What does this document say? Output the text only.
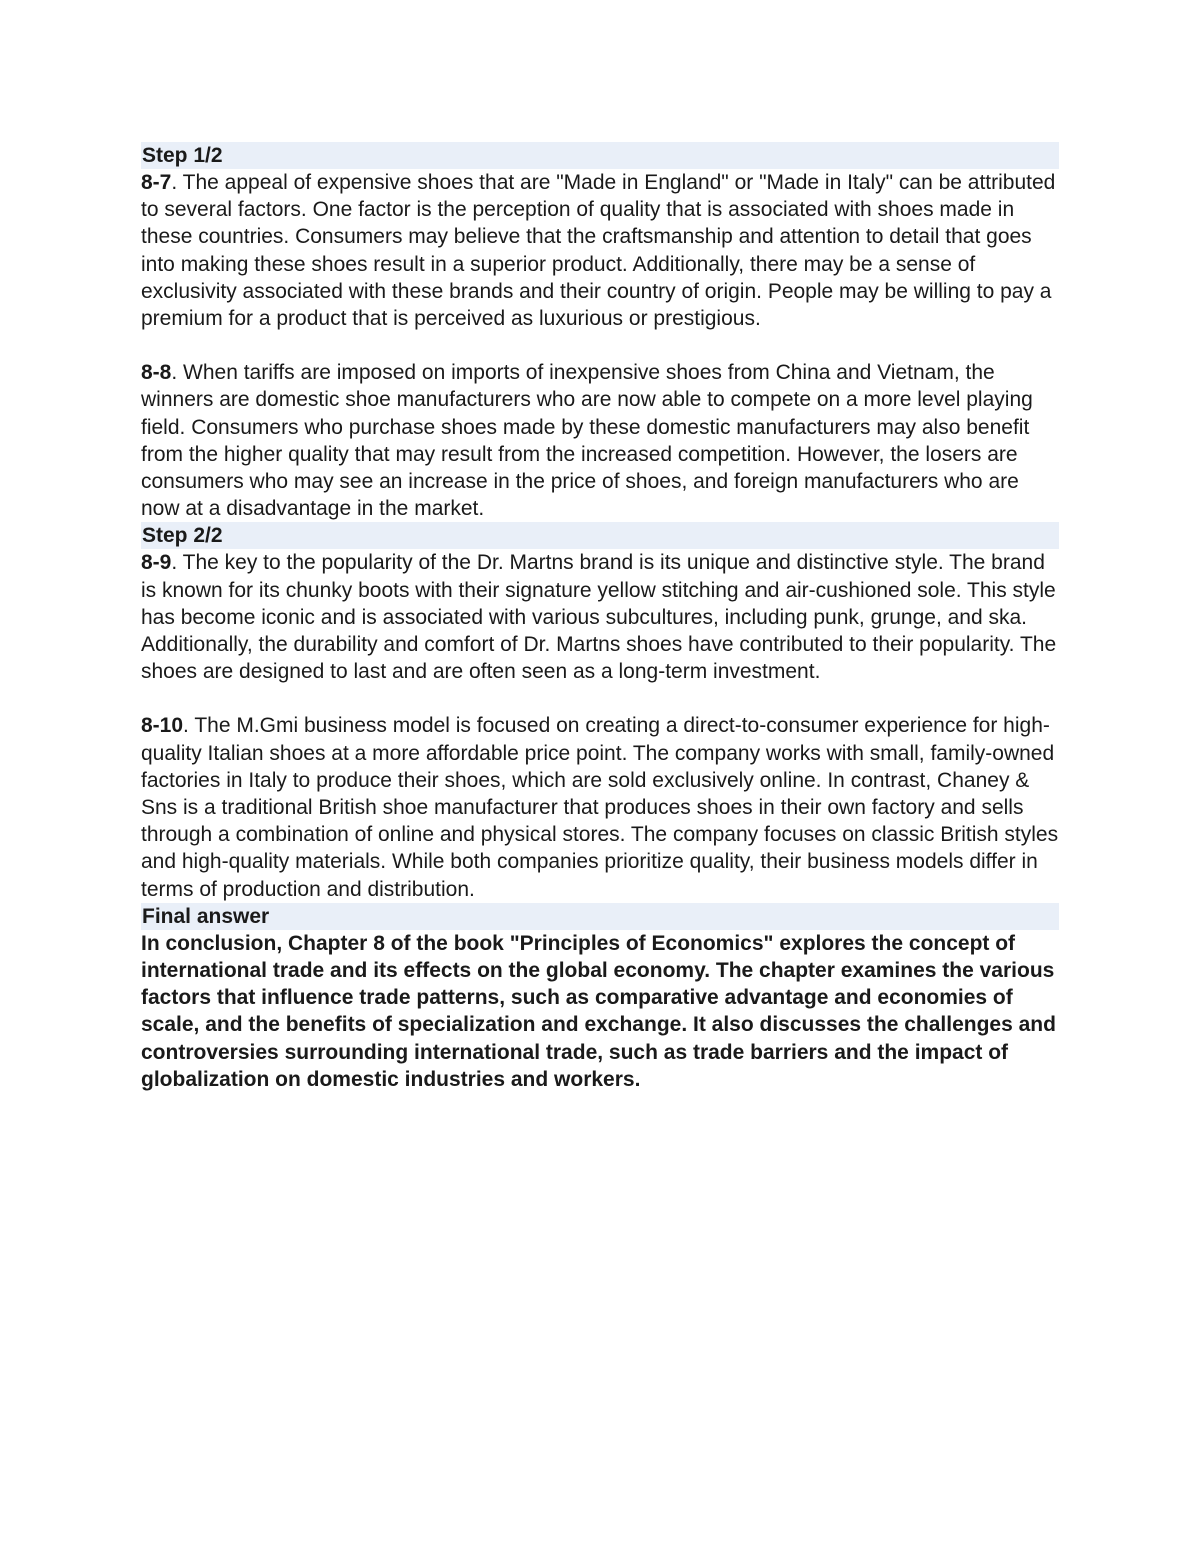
Step 1/2

8-7. The appeal of expensive shoes that are "Made in England" or "Made in Italy" can be attributed to several factors. One factor is the perception of quality that is associated with shoes made in these countries. Consumers may believe that the craftsmanship and attention to detail that goes into making these shoes result in a superior product. Additionally, there may be a sense of exclusivity associated with these brands and their country of origin. People may be willing to pay a premium for a product that is perceived as luxurious or prestigious.

8-8. When tariffs are imposed on imports of inexpensive shoes from China and Vietnam, the winners are domestic shoe manufacturers who are now able to compete on a more level playing field. Consumers who purchase shoes made by these domestic manufacturers may also benefit from the higher quality that may result from the increased competition. However, the losers are consumers who may see an increase in the price of shoes, and foreign manufacturers who are now at a disadvantage in the market.

Step 2/2

8-9. The key to the popularity of the Dr. Martns brand is its unique and distinctive style. The brand is known for its chunky boots with their signature yellow stitching and air-cushioned sole. This style has become iconic and is associated with various subcultures, including punk, grunge, and ska. Additionally, the durability and comfort of Dr. Martns shoes have contributed to their popularity. The shoes are designed to last and are often seen as a long-term investment.

8-10. The M.Gmi business model is focused on creating a direct-to-consumer experience for high-quality Italian shoes at a more affordable price point. The company works with small, family-owned factories in Italy to produce their shoes, which are sold exclusively online. In contrast, Chaney & Sns is a traditional British shoe manufacturer that produces shoes in their own factory and sells through a combination of online and physical stores. The company focuses on classic British styles and high-quality materials. While both companies prioritize quality, their business models differ in terms of production and distribution.

Final answer

In conclusion, Chapter 8 of the book "Principles of Economics" explores the concept of international trade and its effects on the global economy. The chapter examines the various factors that influence trade patterns, such as comparative advantage and economies of scale, and the benefits of specialization and exchange. It also discusses the challenges and controversies surrounding international trade, such as trade barriers and the impact of globalization on domestic industries and workers.
